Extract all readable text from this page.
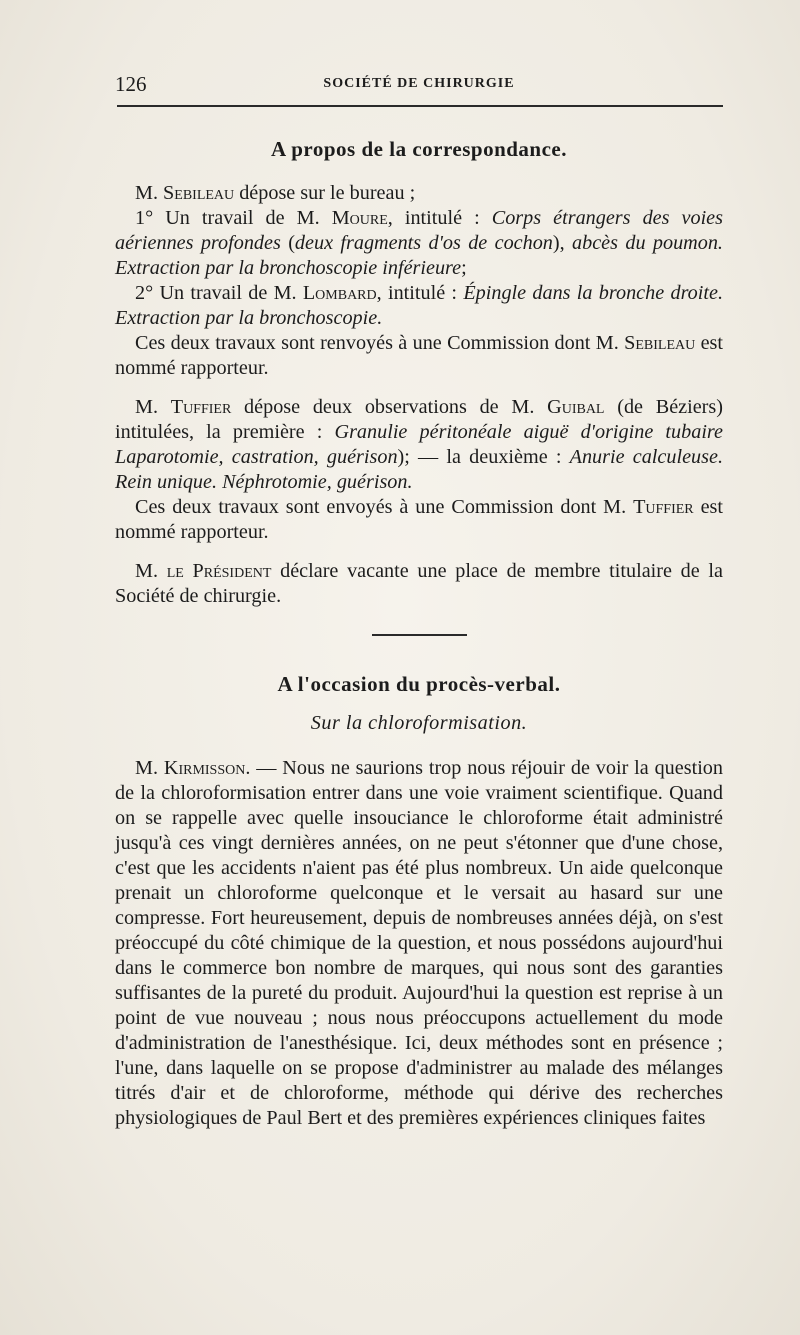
126	SOCIÉTÉ DE CHIRURGIE
A propos de la correspondance.

M. Sebileau dépose sur le bureau ;

1° Un travail de M. Moure, intitulé : Corps étrangers des voies aériennes profondes (deux fragments d'os de cochon), abcès du poumon. Extraction par la bronchoscopie inférieure;

2° Un travail de M. Lombard, intitulé : Épingle dans la bronche droite. Extraction par la bronchoscopie.

Ces deux travaux sont renvoyés à une Commission dont M. Sebileau est nommé rapporteur.

M. Tuffier dépose deux observations de M. Guibal (de Béziers) intitulées, la première : Granulie péritonéale aiguë d'origine tubaire Laparotomie, castration, guérison); — la deuxième : Anurie calculeuse. Rein unique. Néphrotomie, guérison.

Ces deux travaux sont envoyés à une Commission dont M. Tuffier est nommé rapporteur.

M. le Président déclare vacante une place de membre titulaire de la Société de chirurgie.

A l'occasion du procès-verbal.
Sur la chloroformisation.

M. Kirmisson. — Nous ne saurions trop nous réjouir de voir la question de la chloroformisation entrer dans une voie vraiment scientifique. Quand on se rappelle avec quelle insouciance le chloroforme était administré jusqu'à ces vingt dernières années, on ne peut s'étonner que d'une chose, c'est que les accidents n'aient pas été plus nombreux. Un aide quelconque prenait un chloroforme quelconque et le versait au hasard sur une compresse. Fort heureusement, depuis de nombreuses années déjà, on s'est préoccupé du côté chimique de la question, et nous possédons aujourd'hui dans le commerce bon nombre de marques, qui nous sont des garanties suffisantes de la pureté du produit. Aujourd'hui la question est reprise à un point de vue nouveau ; nous nous préoccupons actuellement du mode d'administration de l'anesthésique. Ici, deux méthodes sont en présence ; l'une, dans laquelle on se propose d'administrer au malade des mélanges titrés d'air et de chloroforme, méthode qui dérive des recherches physiologiques de Paul Bert et des premières expériences cliniques faites
